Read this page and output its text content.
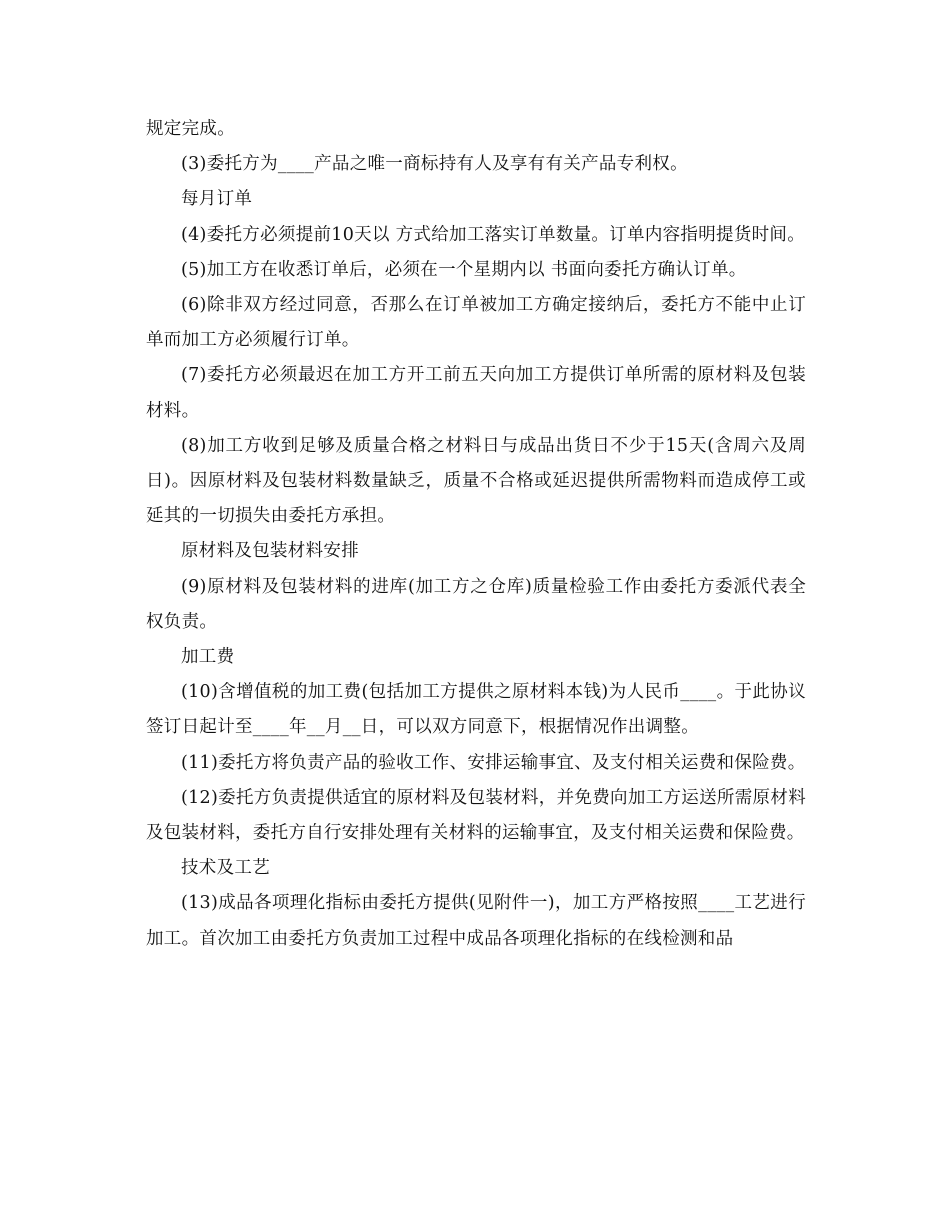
规定完成。

(3)委托方为____产品之唯一商标持有人及享有有关产品专利权。

每月订单

(4)委托方必须提前10天以 方式给加工落实订单数量。订单内容指明提货时间。

(5)加工方在收悉订单后，必须在一个星期内以 书面向委托方确认订单。

(6)除非双方经过同意，否那么在订单被加工方确定接纳后，委托方不能中止订单而加工方必须履行订单。

(7)委托方必须最迟在加工方开工前五天向加工方提供订单所需的原材料及包装材料。

(8)加工方收到足够及质量合格之材料日与成品出货日不少于15天(含周六及周日)。因原材料及包装材料数量缺乏，质量不合格或延迟提供所需物料而造成停工或延其的一切损失由委托方承担。

原材料及包装材料安排

(9)原材料及包装材料的进库(加工方之仓库)质量检验工作由委托方委派代表全权负责。

加工费

(10)含增值税的加工费(包括加工方提供之原材料本钱)为人民币____。于此协议签订日起计至____年__月__日，可以双方同意下，根据情况作出调整。

(11)委托方将负责产品的验收工作、安排运输事宜、及支付相关运费和保险费。

(12)委托方负责提供适宜的原材料及包装材料，并免费向加工方运送所需原材料及包装材料，委托方自行安排处理有关材料的运输事宜，及支付相关运费和保险费。

技术及工艺

(13)成品各项理化指标由委托方提供(见附件一)，加工方严格按照____工艺进行加工。首次加工由委托方负责加工过程中成品各项理化指标的在线检测和品
